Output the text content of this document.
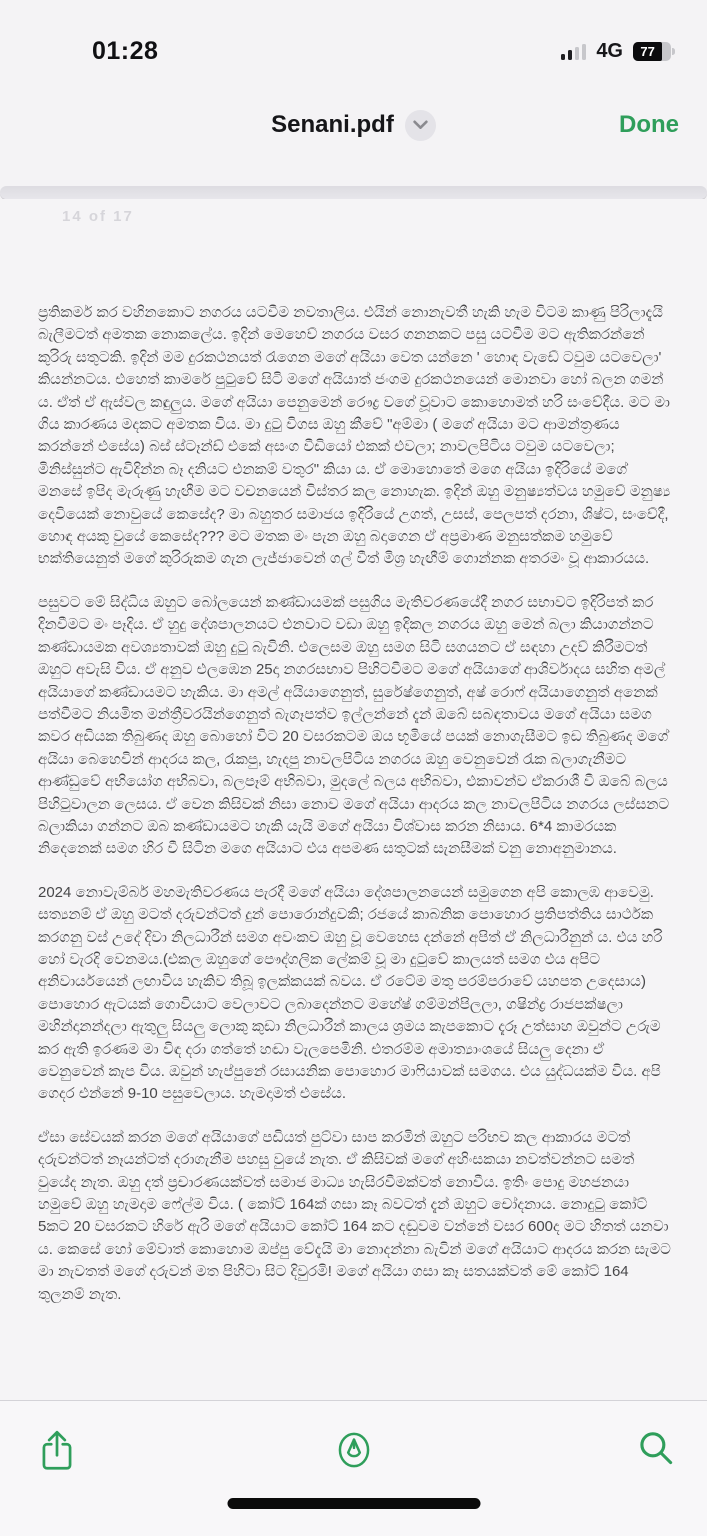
01:28	4G	77
Senani.pdf	Done
14 of 17

ප්‍රතිකර්ම කර වහිනකොට නගරය යටවීම නවතාලිය. එයින් නොනැවතී හැකි හැම විටම කාණු පිරිලාදැයි බැලීමටත් අමතක නොකලේය. ඉදින් මෙහෙව් නගරය වසර ගනනකට පසු යටවීම මට ඇතිකරන්නේ කුරිරු සතුටකි. ඉදින් මම දුරකථනයත් රැගෙන මගේ අයියා වෙත යන්නෙ ' හොඳ වැඩේ ටවුම යටවෙලා' කියන්නටය. එහෙත් කාමරේ පුටුවේ සිටි මගේ අයියාත් ජංගම දුරකථනයෙන් මොනවා හෝ බලන ගමන් ය. ඒත් ඒ ඇස්වල කඳුලුය. මගේ අයියා පෙනුමෙන් රෞද්‍ර වගේ වූවාට කොහොමත් හරි සංවේදීය. මට මා ගිය කාරණය මදකට අමතක විය. මා දුටු විගස ඔහු කීවේ "අම්මා ( මගේ අයියා මට ආමන්ත්‍රණය කරන්නේ එසේය) බස් ස්ටෑන්ඩ් එකේ අසංග වීඩියෝ එකක් එවලා; නාවලපිටිය ටවුම යටවෙලා; මිනිස්සුන්ට ඇවිදින්න බෑ දනියට එනකම් වතුර" කියා ය. ඒ මොහොතේ මගෙ අයියා ඉදිරියේ මගේ මනසේ ඉපිද මැරුණු හැඟීම මට වචනයෙන් විස්තර කල නොහැක. ඉදින් ඔහු මනුෂ්‍යත්වය හමුවේ මනුෂ්‍ය දෙවියෙක් නොවුයේ කෙසේද? මා බහුතර සමාජය ඉදිරියේ උගත්, උසස්, පෙලපත් දරනා, ශිෂ්ට, සංවේදී, හොඳ අයකු වුයේ කෙසේද??? මට මතක මං පැන ඔහු බදාගෙන ඒ අප්‍රමාණ මනුසත්කම හමුවේ භක්තියෙනුත් මගේ කුරිරුකම ගැන ලැජ්ජාවෙන් ගල් වීත් මිශ්‍ර හැඟීම් ගොන්නක අතරමං වූ ආකාරයය.

පසුවට මේ සිද්ධිය ඔහුට බෝලයෙන් කණ්ඩායමක් පසුගිය මැතිවරණයේදී නගර සභාවට ඉදිරිපත් කර දිනවීමට මං පෑදිය. ඒ හුදු දේශපාලනයට එනවාට වඩා ඔහු ඉදිකල නගරය ඔහු මෙන් බලා කියාගන්නට කණ්ඩායමක අවශ්‍යතාවක් ඔහු දුටු බැවිනි. එලෙසම ඔහු සමග සිටි සගයනට ඒ සඳහා උදව් කිරීමටත් ඔහුට අවැසි විය. ඒ අනුව එලඹෙන 25දා නගරසභාව පිහිටවීමට මගේ අයියාගේ ආශිර්වාදය සහිත අමල් අයියාගේ කණ්ඩායමට හැකිය. මා අමල් අයියාගෙනුත්, සුරේෂ්ගෙනුත්, අෂ් රොෆ් අයියාගෙනුත් අනෙක් පත්වීමට නියමිත මන්ත්‍රීවරයින්ගෙනුත් බැගෑපත්ව ඉල්ලන්නේ දැන් ඔබේ සබඳතාවය මගේ අයියා සමග කවර අඩියක තිබුණද ඔහු බොහෝ විට 20 වසරකටම ඔය භූමියේ පයක් නොගැසීමට ඉඩ තිබුණද මගේ අයියා බෙහෙවින් ආදරය කල, රැකපු, හැදපු නාවලපිටිය නගරය ඔහු වෙනුවෙන් රැක බලාගැනීමට ආණ්ඩුවේ අභියෝග අභිබවා, බලපෑම් අභිබවා, මුදලේ බලය අභිබවා, එකාවන්ව ඒකරාශී වී ඔබේ බලය පිහිටුවාලන ලෙසය. ඒ වෙන කිසිවක් නිසා නොව මගේ අයියා ආදරය කල නාවලපිටිය නගරය ලස්සනට බලාකියා ගන්නට ඔබ කණ්ඩායමට හැකි යැයි මගේ අයියා විශ්වාස කරන නිසාය. 6*4 කාමරයක නිදෙනෙක් සමග හිර වී සිටින මගෙ අයියාට එය අපමණ සතුටක් සැනසීමක් වනු නොඅනුමානය.

2024 නොවැම්බර් මහමැතිවරණය පැරදී මගේ අයියා දේශපාලනයෙන් සමුගෙන අපි කොලඹ ආවෙමු. සත්‍යනම් ඒ ඔහු මටත් දරුවන්ටත් දුන් පොරොන්දුවකි; රජයේ කාබනික පොහොර ප්‍රතිපත්තිය සාර්ථක කරගනු වස් උදේ දිවා නිලධාරීන් සමග අවංකව ඔහු වූ වෙහෙස දන්නේ අපිත් ඒ නිලධාරීනුන් ය. එය හරි හෝ වැරදි වෙනමය.(එකල ඔහුගේ පෞද්ගලික ලේකම් වූ මා දුටුවේ කාලයත් සමග එය අපිට අනිවාර්යයෙන් ලඟාවිය හැකිව තිබූ ඉලක්කයක් බවය. ඒ රටේම මතු පරම්පරාවේ යහපත උදෙසාය) පොහොර ඇටයක් ගොවියාට වෙලාවට ලබාදෙන්නට මහේෂ් ගම්මන්පිලලා, ගෂින්ද්‍ර රාජපක්ෂලා මහින්දානන්දලා ඇතුලු සියලු ලොකු කුඩා නිලධාරීන් කාලය ශ්‍රමය කැපකොට දැරූ උත්සාහ ඔවුන්ට උරුම කර ඇති ඉරණම මා විඳ දරා ගත්තේ හඬා වැලපෙමිනි. එතරම්ම අමාත්‍යාංශයේ සියලු දෙනා ඒ වෙනුවෙන් කැප විය. ඔවුන් හැප්පුනේ රසායනික පොහොර මාෆියාවක් සමගය. එය යුද්ධයක්ම විය. අපි ගෙදර එන්නේ 9-10 පසුවෙලාය. හැමදාමත් එසේය.

ඒසා සේවයක් කරන මගේ අයියාගේ පඩියත් පුට්වා සාප කරමින් ඔහුට පරිභව කල ආකාරය මටත් දරුවන්ටත් නෑයන්ටත් දරාගැනීම පහසු වුයේ නැත. ඒ කිසිවක් මගේ අහිංසකයා නවත්වන්නට සමත් වුයේද නැත. ඔහු දත් ප්‍රචාරණයක්වත් සමාජ මාධ්‍ය හැසිරවීමක්වත් නොවීය. ඉතිං පොදු මහජනයා හමුවේ ඔහු හැමදාම ෆේල්ම විය. ( කෝට් 164ක් ගසා කෑ බවටත් දැන් ඔහුට චෝදනාය. නොදුටු කෝට් 5කට 20 වසරකට හිරේ ඇරි මගේ අයියාට කෝට් 164 කට දඬුවම වන්නේ වසර 600ද මට හිතත් යනවා ය. කෙසේ හෝ මේවාත් කොහොම ඔප්පු වේදැයි මා නොදන්නා බැවින් මගේ අයියාට ආදරය කරන සැමට මා නැවතත් මගේ දරුවන් මත පිහිටා සිට දිවුරමි! මගේ අයියා ගසා කෑ සතයක්වත් මේ කෝට් 164 තුලනම් නැත.
